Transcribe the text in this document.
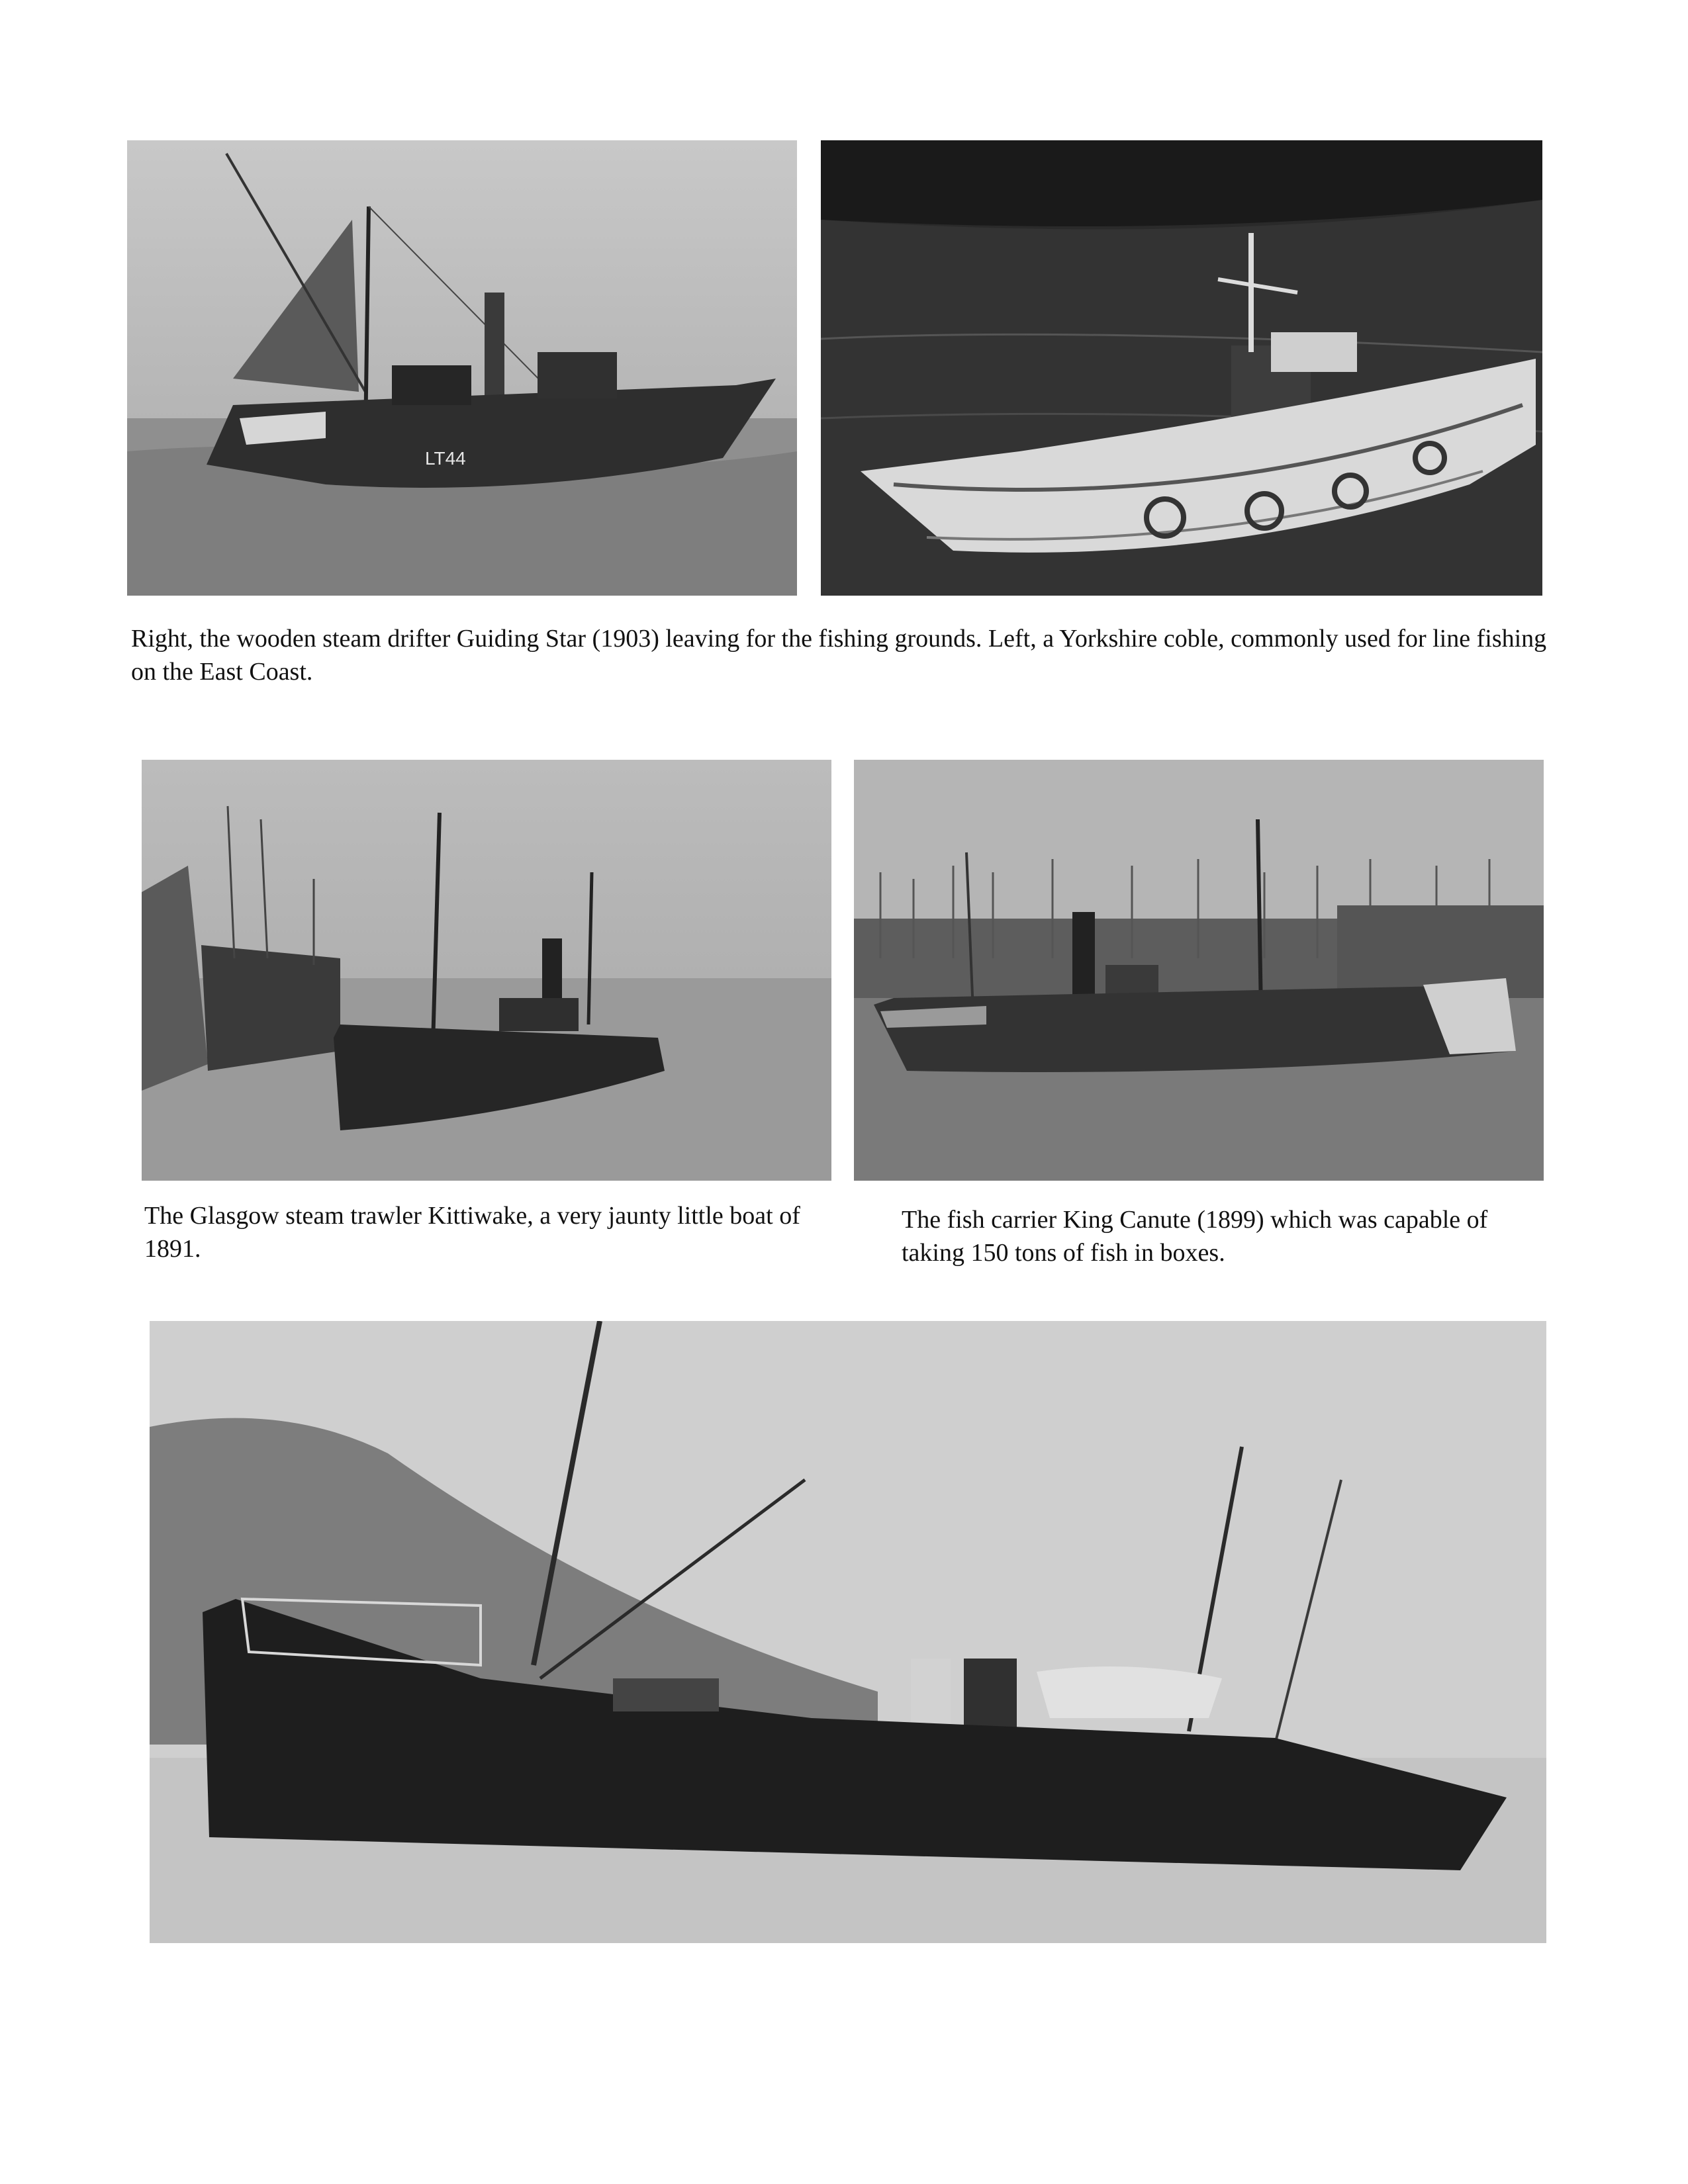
LT44
Right, the wooden steam drifter Guiding Star (1903) leaving for the fishing grounds. Left, a Yorkshire coble, commonly used for line fishing on the East Coast.
The Glasgow steam trawler Kittiwake, a very jaunty little boat of 1891.
The fish carrier King Canute (1899) which was capable of taking 150 tons of fish in boxes.
